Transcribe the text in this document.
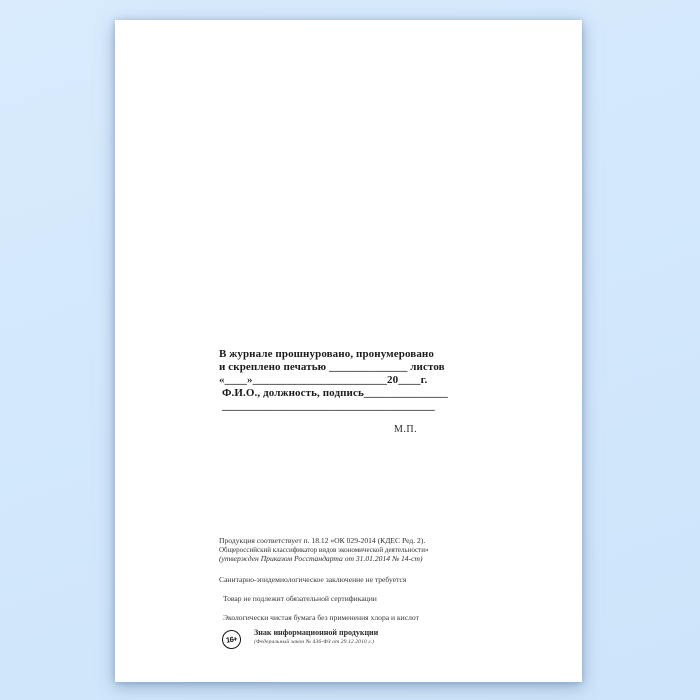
В журнале прошнуровано, пронумеровано
и скреплено печатью ______________ листов
«____»________________________20____г.
Ф.И.О., должность, подпись_______________
______________________________________
М.П.
Продукция соответствует п. 18.12 «ОК 029-2014 (КДЕС Ред. 2).
Общероссийский классификатор видов экономической деятельности»
(утвержден Приказом Росстандарта от 31.01.2014 № 14-ст)
Санитарно-эпидемиологическое заключение не требуется
Товар не подлежит обязательной сертификации
Экологически чистая бумага без применения хлора и кислот
16+
Знак информационной продукции
(Федеральный закон № 436-ФЗ от 29.12.2010 г.)
